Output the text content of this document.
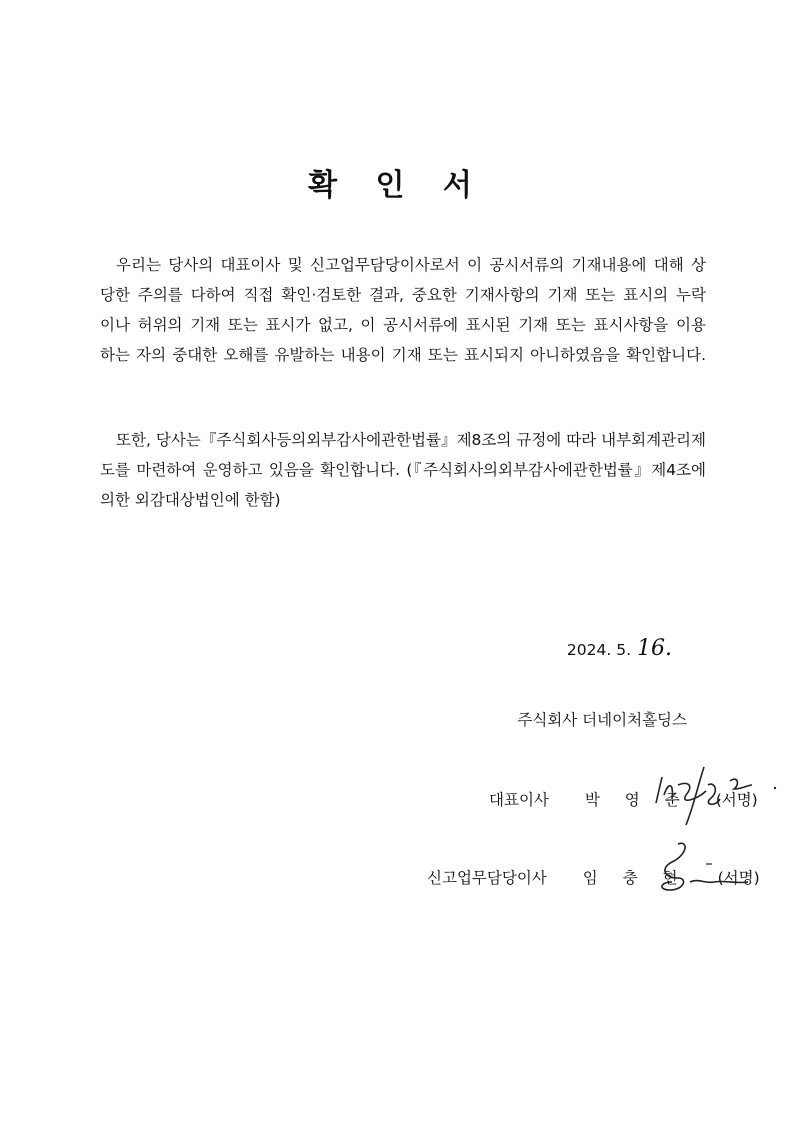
확 인 서
우리는 당사의 대표이사 및 신고업무담당이사로서 이 공시서류의 기재내용에 대해 상
당한 주의를 다하여 직접 확인·검토한 결과, 중요한 기재사항의 기재 또는 표시의 누락
이나 허위의 기재 또는 표시가 없고, 이 공시서류에 표시된 기재 또는 표시사항을 이용
하는 자의 중대한 오해를 유발하는 내용이 기재 또는 표시되지 아니하였음을 확인합니다.
또한, 당사는『주식회사등의외부감사에관한법률』제8조의 규정에 따라 내부회계관리제
도를 마련하여 운영하고 있음을 확인합니다. (『주식회사의외부감사에관한법률』제4조에
의한 외감대상법인에 한함)
2024. 5. 16.
주식회사 더네이처홀딩스
대표이사 박 영 준 (서명)
신고업무담당이사 임 충 현 (서명)
